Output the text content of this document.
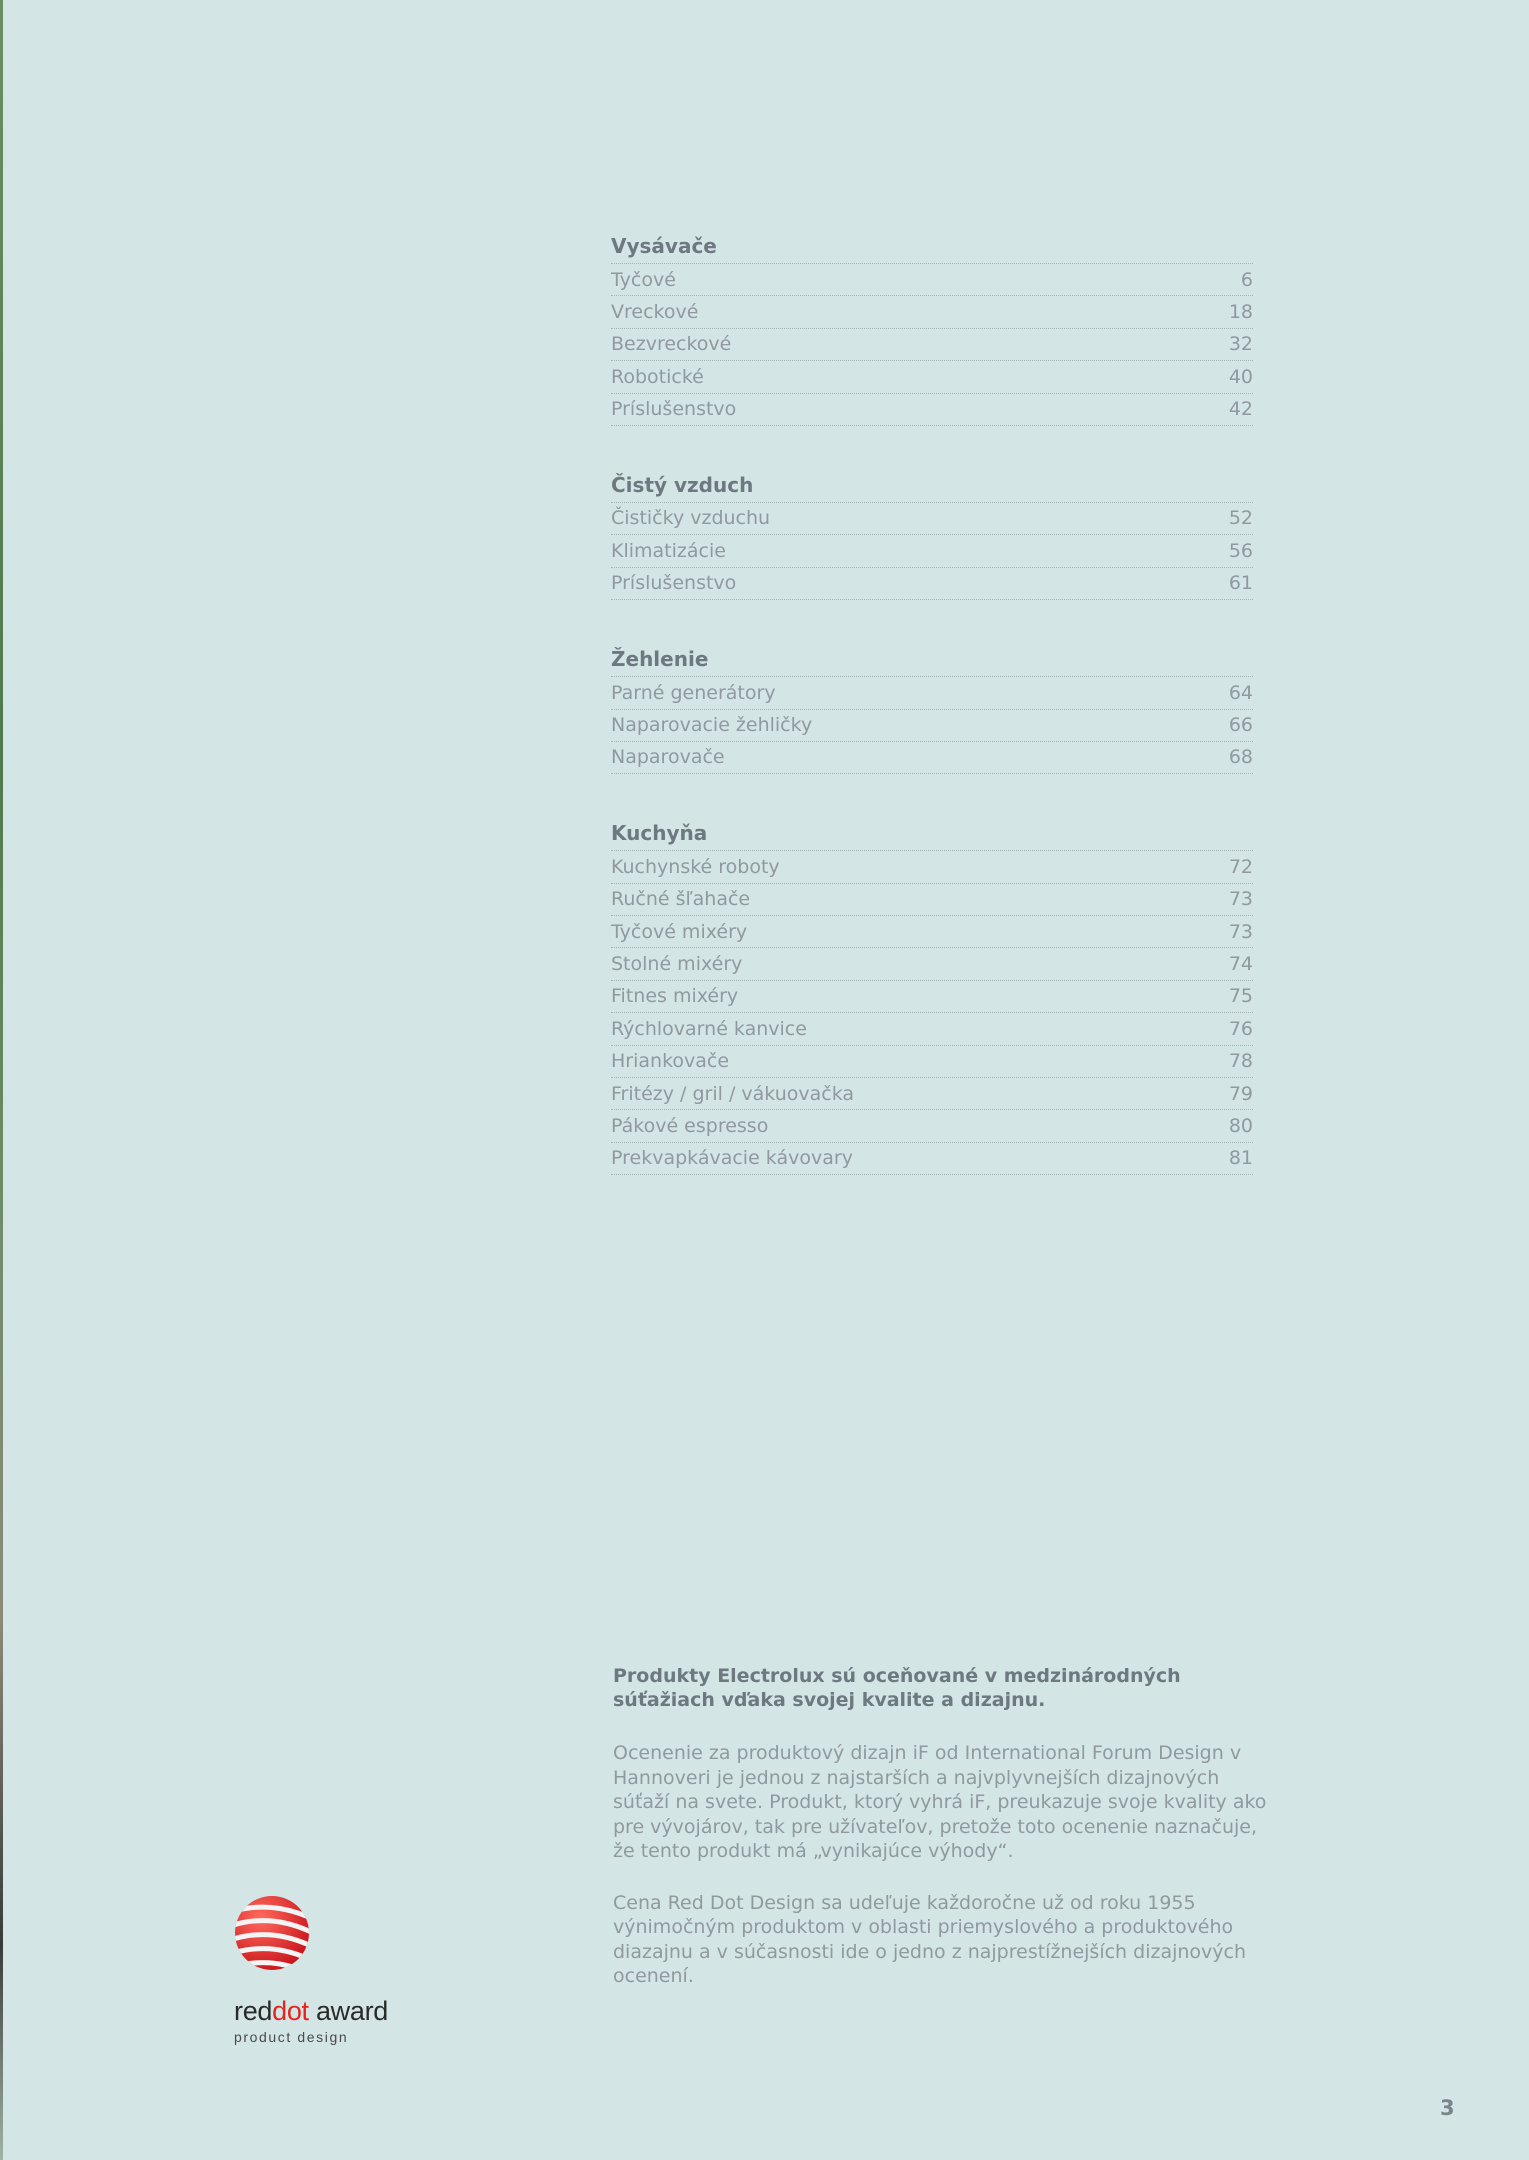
Vysávače
Tyčové	6
Vreckové	18
Bezvreckové	32
Robotické	40
Príslušenstvo	42
Čistý vzduch
Čističky vzduchu	52
Klimatizácie	56
Príslušenstvo	61
Žehlenie
Parné generátory	64
Naparovacie žehličky	66
Naparovače	68
Kuchyňa
Kuchynské roboty	72
Ručné šľahače	73
Tyčové mixéry	73
Stolné mixéry	74
Fitnes mixéry	75
Rýchlovarné kanvice	76
Hriankovače	78
Fritézy / gril / vákuovačka	79
Pákové espresso	80
Prekvapkávacie kávovary	81

Produkty Electrolux sú oceňované v medzinárodných súťažiach vďaka svojej kvalite a dizajnu.

Ocenenie za produktový dizajn iF od International Forum Design v Hannoveri je jednou z najstarších a najvplyvnejších dizajnových súťaží na svete. Produkt, ktorý vyhrá iF, preukazuje svoje kvality ako pre vývojárov, tak pre užívateľov, pretože toto ocenenie naznačuje, že tento produkt má „vynikajúce výhody“.

Cena Red Dot Design sa udeľuje každoročne už od roku 1955 výnimočným produktom v oblasti priemyslového a produktového diazajnu a v súčasnosti ide o jedno z najprestížnejších dizajnových ocenení.

reddot award
product design
3
